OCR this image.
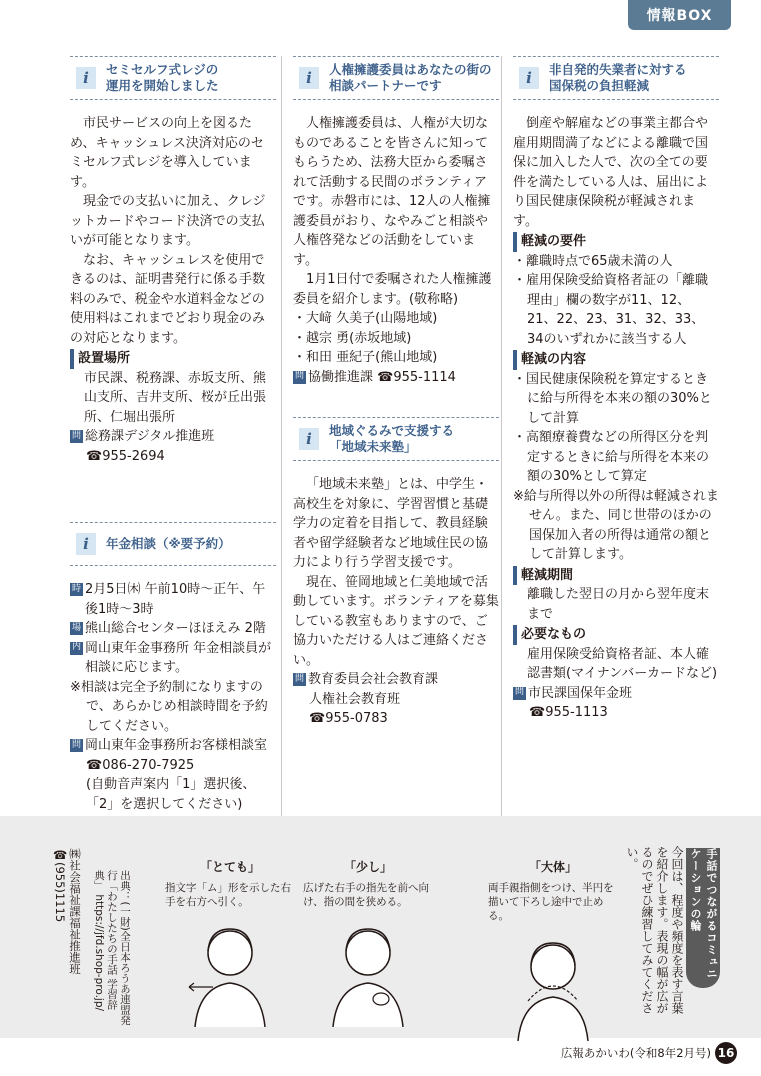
情報BOX
i	セミセルフ式レジの
運用を開始しました

市民サービスの向上を図るため、キャッシュレス決済対応のセミセルフ式レジを導入しています。

現金での支払いに加え、クレジットカードやコード決済での支払いが可能となります。

なお、キャッシュレスを使用できるのは、証明書発行に係る手数料のみで、税金や水道料金などの使用料はこれまでどおり現金のみの対応となります。

設置場所

市民課、税務課、赤坂支所、熊山支所、吉井支所、桜が丘出張所、仁堀出張所

問 総務課デジタル推進班
☎955-2694
i	年金相談（※要予約）
時 2月5日㈭ 午前10時～正午、午後1時～3時
場 熊山総合センターほほえみ 2階
内 岡山東年金事務所 年金相談員が相談に応じます。
※相談は完全予約制になりますので、あらかじめ相談時間を予約してください。
問 岡山東年金事務所お客様相談室
☎086-270-7925
(自動音声案内「1」選択後、「2」を選択してください)
i	人権擁護委員はあなたの街の
相談パートナーです

人権擁護委員は、人権が大切なものであることを皆さんに知ってもらうため、法務大臣から委嘱されて活動する民間のボランティアです。赤磐市には、12人の人権擁護委員がおり、なやみごと相談や人権啓発などの活動をしています。

1月1日付で委嘱された人権擁護委員を紹介します。(敬称略)

・大﨑 久美子(山陽地域)
・越宗 勇(赤坂地域)
・和田 亜紀子(熊山地域)
問 協働推進課 ☎955-1114
i	地域ぐるみで支援する
「地域未来塾」

「地域未来塾」とは、中学生・高校生を対象に、学習習慣と基礎学力の定着を目指して、教員経験者や留学経験者など地域住民の協力により行う学習支援です。

現在、笹岡地域と仁美地域で活動しています。ボランティアを募集している教室もありますので、ご協力いただける人はご連絡ください。

問 教育委員会社会教育課
人権社会教育班
☎955-0783
i	非自発的失業者に対する
国保税の負担軽減

倒産や解雇などの事業主都合や雇用期間満了などによる離職で国保に加入した人で、次の全ての要件を満たしている人は、届出により国民健康保険税が軽減されます。

軽減の要件
・離職時点で65歳未満の人
・雇用保険受給資格者証の「離職理由」欄の数字が11、12、21、22、23、31、32、33、34のいずれかに該当する人
軽減の内容
・国民健康保険税を算定するときに給与所得を本来の額の30%として計算
・高額療養費などの所得区分を判定するときに給与所得を本来の額の30%として算定
※給与所得以外の所得は軽減されません。また、同じ世帯のほかの国保加入者の所得は通常の額として計算します。
軽減期間

離職した翌日の月から翌年度末まで

必要なもの

雇用保険受給資格者証、本人確認書類(マイナンバーカードなど)

問 市民課国保年金班
☎955-1113
手話でつながるコミュニケーションの輪
今回は、程度や頻度を表す言葉を紹介します。表現の幅が広がるのでぜひ練習してみてください。
「大体」
両手親指側をつけ、半円を描いて下ろし途中で止める。
「少し」
広げた右手の指先を前へ向け、指の間を狭める。
「とても」
指文字「ム」形を示した右手を右方へ引く。
出典：(一財)全日本ろうあ連盟発行「わたしたちの手話 学習辞典」 https://jfd.shop-pro.jp/
㈱社会福祉課福祉推進班 ☎(955)1115
広報あかいわ(令和8年2月号) 16
